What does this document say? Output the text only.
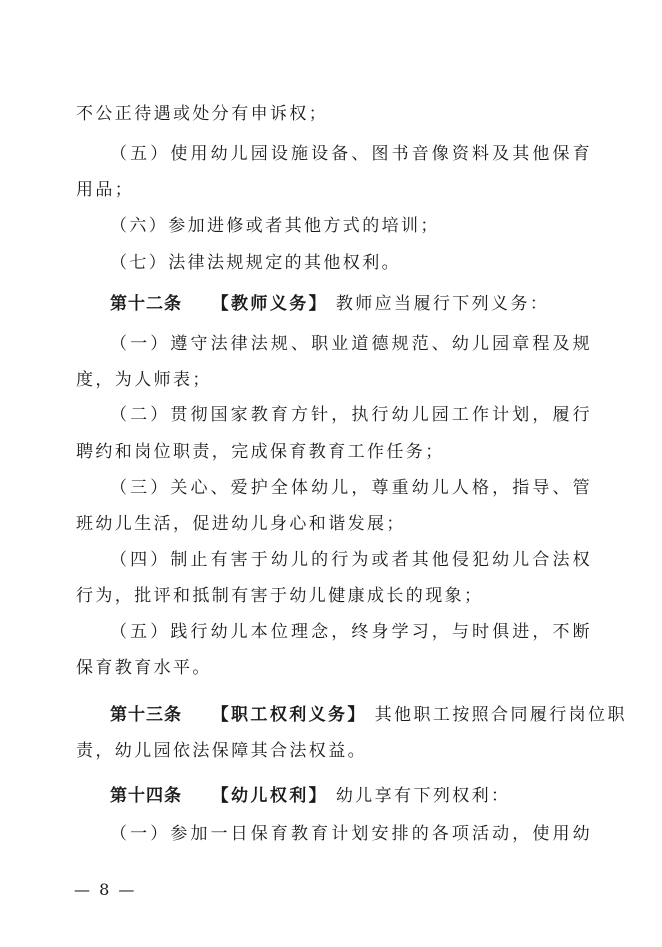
不公正待遇或处分有申诉权；
（五）使用幼儿园设施设备、图书音像资料及其他保育
用品；
（六）参加进修或者其他方式的培训；
（七）法律法规规定的其他权利。
第十二条 【教师义务】 教师应当履行下列义务：
（一）遵守法律法规、职业道德规范、幼儿园章程及规
度，为人师表；
（二）贯彻国家教育方针，执行幼儿园工作计划，履行
聘约和岗位职责，完成保育教育工作任务；
（三）关心、爱护全体幼儿，尊重幼儿人格，指导、管
班幼儿生活，促进幼儿身心和谐发展；
（四）制止有害于幼儿的行为或者其他侵犯幼儿合法权
行为，批评和抵制有害于幼儿健康成长的现象；
（五）践行幼儿本位理念，终身学习，与时俱进，不断
保育教育水平。
第十三条 【职工权利义务】 其他职工按照合同履行岗位职
责，幼儿园依法保障其合法权益。
第十四条 【幼儿权利】 幼儿享有下列权利：
（一）参加一日保育教育计划安排的各项活动，使用幼
— 8 —
